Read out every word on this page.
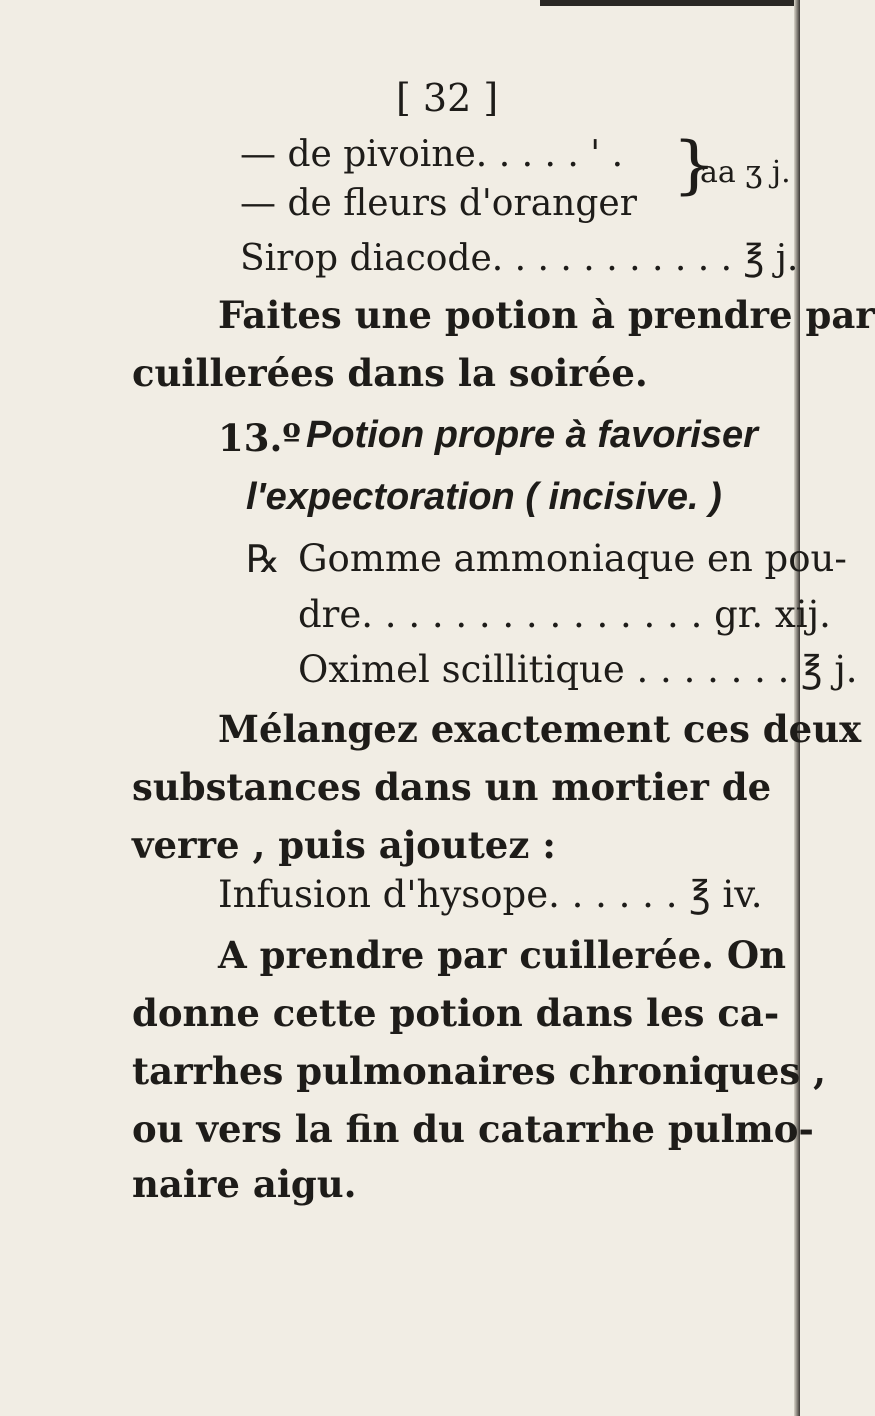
[ 32 ]
— de pivoine. . . . . ' .
— de fleurs d'oranger
}
aa ʒ j.
Sirop diacode. . . . . . . . . . . ℥ j.
Faites une potion à prendre par
cuillerées dans la soirée.
13.º Potion propre à favoriser
l'expectoration ( incisive. )
℞ Gomme ammoniaque en pou-
dre. . . . . . . . . . . . . . . gr. xij.
Oximel scillitique . . . . . . . ℥ j.
Mélangez exactement ces deux
substances dans un mortier de
verre , puis ajoutez :
Infusion d'hysope. . . . . . ℥ iv.
A prendre par cuillerée. On
donne cette potion dans les ca-
tarrhes pulmonaires chroniques ,
ou vers la fin du catarrhe pulmo-
naire aigu.
